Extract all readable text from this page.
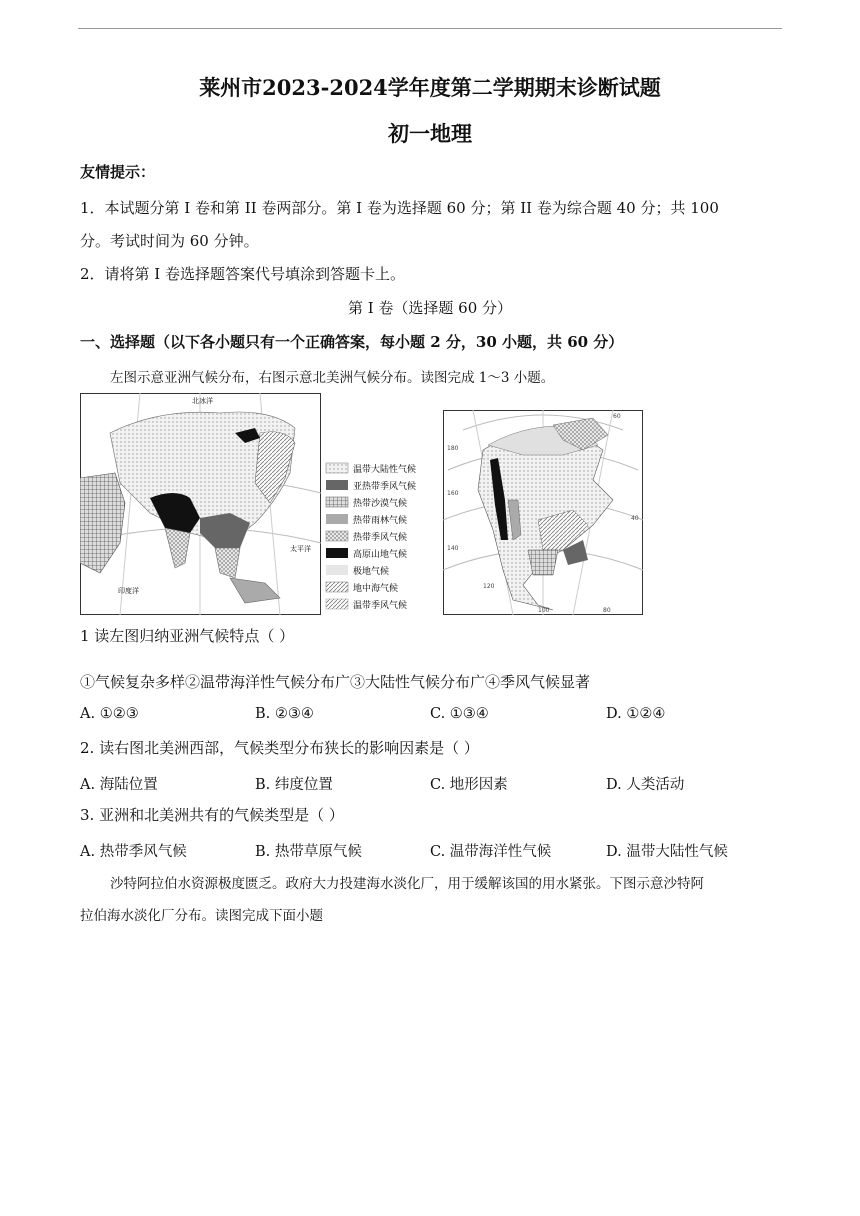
莱州市2023-2024学年度第二学期期末诊断试题
初一地理
友情提示：
1．本试题分第 I 卷和第 II 卷两部分。第 I 卷为选择题 60 分；第 II 卷为综合题 40 分；共 100
分。考试时间为 60 分钟。
2．请将第 I 卷选择题答案代号填涂到答题卡上。
第 I 卷（选择题 60 分）
一、选择题（以下各小题只有一个正确答案，每小题 2 分，30 小题，共 60 分）
左图示意亚洲气候分布，右图示意北美洲气候分布。读图完成 1～3 小题。
北冰洋
太平洋
印度洋
温带大陆性气候
亚热带季风气候
热带沙漠气候
热带雨林气候
热带季风气候
高原山地气候
极地气候
地中海气候
温带季风气候
180
160
140
120
100	80
60
40
1 读左图归纳亚洲气候特点（ ）
①气候复杂多样②温带海洋性气候分布广③大陆性气候分布广④季风气候显著
A. ①②③	B. ②③④	C. ①③④	D. ①②④
2. 读右图北美洲西部，气候类型分布狭长的影响因素是（ ）
A. 海陆位置	B. 纬度位置	C. 地形因素	D. 人类活动
3. 亚洲和北美洲共有的气候类型是（ ）
A. 热带季风气候	B. 热带草原气候	C. 温带海洋性气候	D. 温带大陆性气候
沙特阿拉伯水资源极度匮乏。政府大力投建海水淡化厂，用于缓解该国的用水紧张。下图示意沙特阿
拉伯海水淡化厂分布。读图完成下面小题
